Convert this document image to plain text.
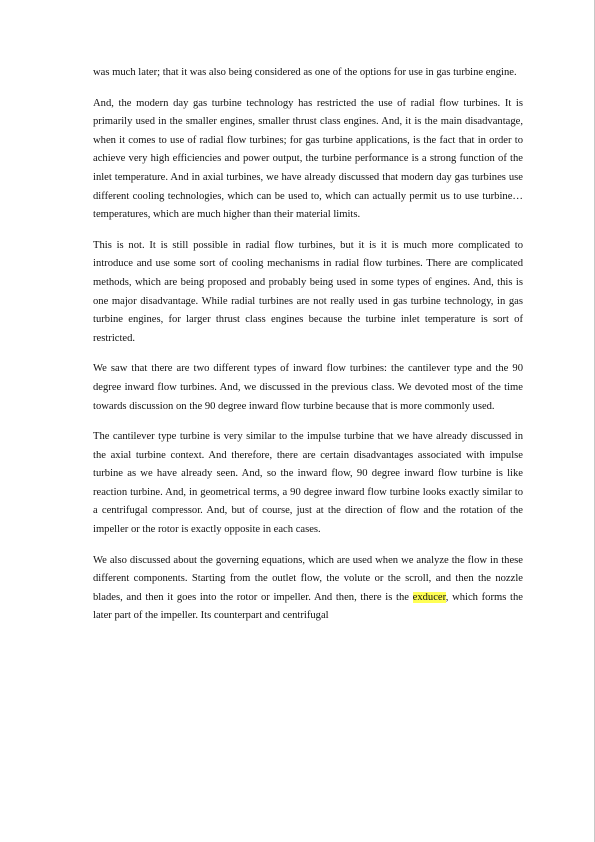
was much later; that it was also being considered as one of the options for use in gas turbine engine.

And, the modern day gas turbine technology has restricted the use of radial flow turbines. It is primarily used in the smaller engines, smaller thrust class engines. And, it is the main disadvantage, when it comes to use of radial flow turbines; for gas turbine applications, is the fact that in order to achieve very high efficiencies and power output, the turbine performance is a strong function of the inlet temperature. And in axial turbines, we have already discussed that modern day gas turbines use different cooling technologies, which can be used to, which can actually permit us to use turbine…temperatures, which are much higher than their material limits.

This is not. It is still possible in radial flow turbines, but it is it is much more complicated to introduce and use some sort of cooling mechanisms in radial flow turbines. There are complicated methods, which are being proposed and probably being used in some types of engines. And, this is one major disadvantage. While radial turbines are not really used in gas turbine technology, in gas turbine engines, for larger thrust class engines because the turbine inlet temperature is sort of restricted.

We saw that there are two different types of inward flow turbines: the cantilever type and the 90 degree inward flow turbines. And, we discussed in the previous class. We devoted most of the time towards discussion on the 90 degree inward flow turbine because that is more commonly used.

The cantilever type turbine is very similar to the impulse turbine that we have already discussed in the axial turbine context. And therefore, there are certain disadvantages associated with impulse turbine as we have already seen. And, so the inward flow, 90 degree inward flow turbine is like reaction turbine. And, in geometrical terms, a 90 degree inward flow turbine looks exactly similar to a centrifugal compressor. And, but of course, just at the direction of flow and the rotation of the impeller or the rotor is exactly opposite in each cases.

We also discussed about the governing equations, which are used when we analyze the flow in these different components. Starting from the outlet flow, the volute or the scroll, and then the nozzle blades, and then it goes into the rotor or impeller. And then, there is the exducer, which forms the later part of the impeller. Its counterpart and centrifugal
